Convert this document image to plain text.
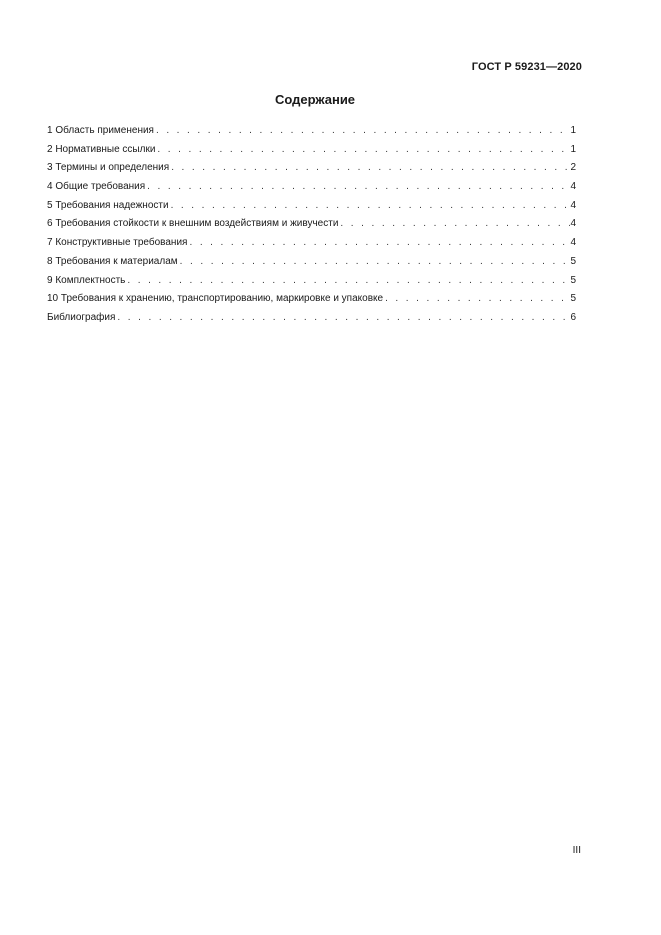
ГОСТ Р 59231—2020
Содержание
1 Область применения . . .	1
2 Нормативные ссылки . . .	1
3 Термины и определения . . .	2
4 Общие требования . . .	4
5 Требования надежности . . .	4
6 Требования стойкости к внешним воздействиям и живучести . . .	4
7 Конструктивные требования . . .	4
8 Требования к материалам . . .	5
9 Комплектность . . .	5
10 Требования к хранению, транспортированию, маркировке и упаковке . . .	5
Библиография . . .	6
III
